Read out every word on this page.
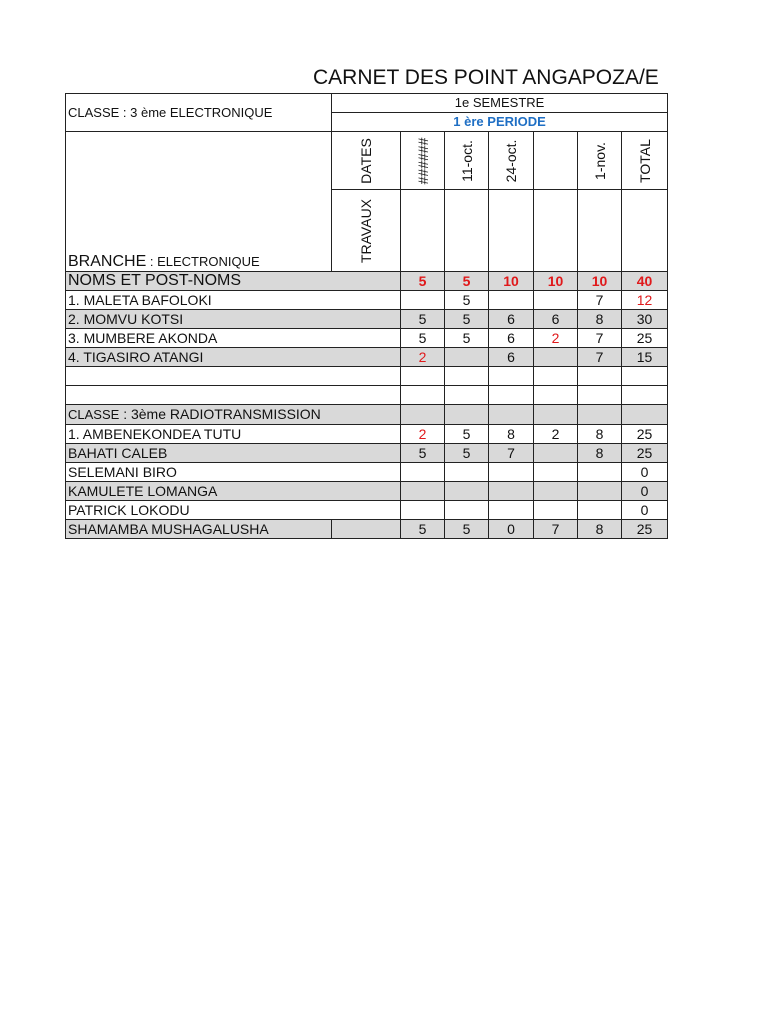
CARNET DES POINT ANGAPOZA/E
CLASSE : 3 ème ELECTRONIQUE	1e SEMESTRE						
	1 ère PERIODE						
BRANCHE : ELECTRONIQUE	DATES	######	11-oct.	24-oct.		1-nov.	TOTAL

	TRAVAUX						

NOMS ET POST-NOMS		5	5	10	10	10	40
1. MALETA BAFOLOKI			5			7	12
2. MOMVU KOTSI		5	5	6	6	8	30
3. MUMBERE AKONDA		5	5	6	2	7	25
4. TIGASIRO ATANGI		2		6		7	15

CLASSE : 3ème RADIOTRANSMISSION							
1. AMBENEKONDEA TUTU		2	5	8	2	8	25
BAHATI CALEB		5	5	7		8	25
SELEMANI BIRO							0
KAMULETE LOMANGA							0
PATRICK LOKODU							0
SHAMAMBA MUSHAGALUSHA		5	5	0	7	8	25
